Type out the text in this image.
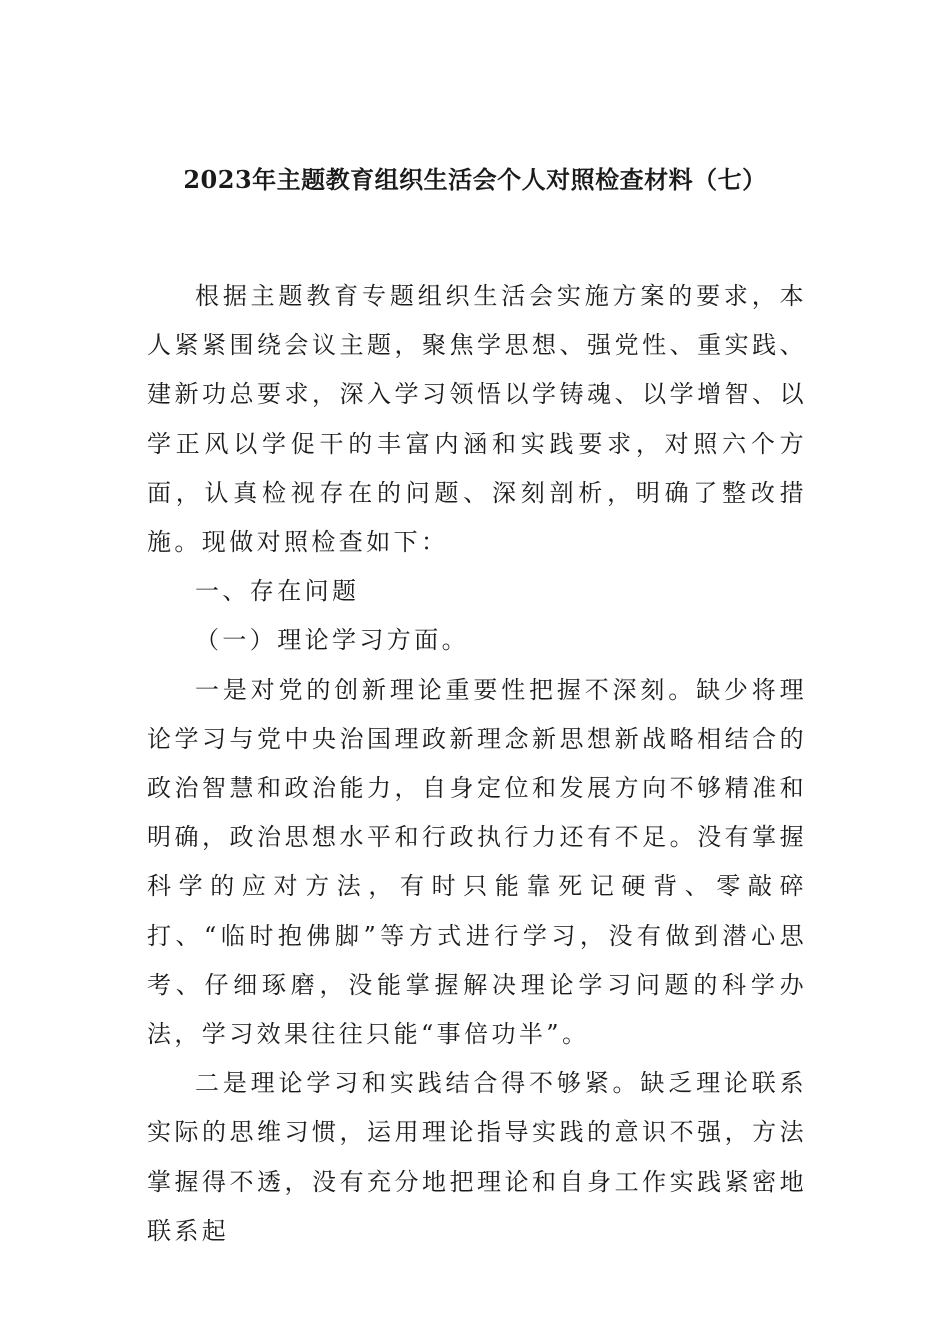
2023年主题教育组织生活会个人对照检查材料（七）

根据主题教育专题组织生活会实施方案的要求，本人紧紧围绕会议主题，聚焦学思想、强党性、重实践、建新功总要求，深入学习领悟以学铸魂、以学增智、以学正风以学促干的丰富内涵和实践要求，对照六个方面，认真检视存在的问题、深刻剖析，明确了整改措施。现做对照检查如下：

一、存在问题

（一）理论学习方面。

一是对党的创新理论重要性把握不深刻。缺少将理论学习与党中央治国理政新理念新思想新战略相结合的政治智慧和政治能力，自身定位和发展方向不够精准和明确，政治思想水平和行政执行力还有不足。没有掌握科学的应对方法，有时只能靠死记硬背、零敲碎打、“临时抱佛脚”等方式进行学习，没有做到潜心思考、仔细琢磨，没能掌握解决理论学习问题的科学办法，学习效果往往只能“事倍功半”。

二是理论学习和实践结合得不够紧。缺乏理论联系实际的思维习惯，运用理论指导实践的意识不强，方法掌握得不透，没有充分地把理论和自身工作实践紧密地联系起
